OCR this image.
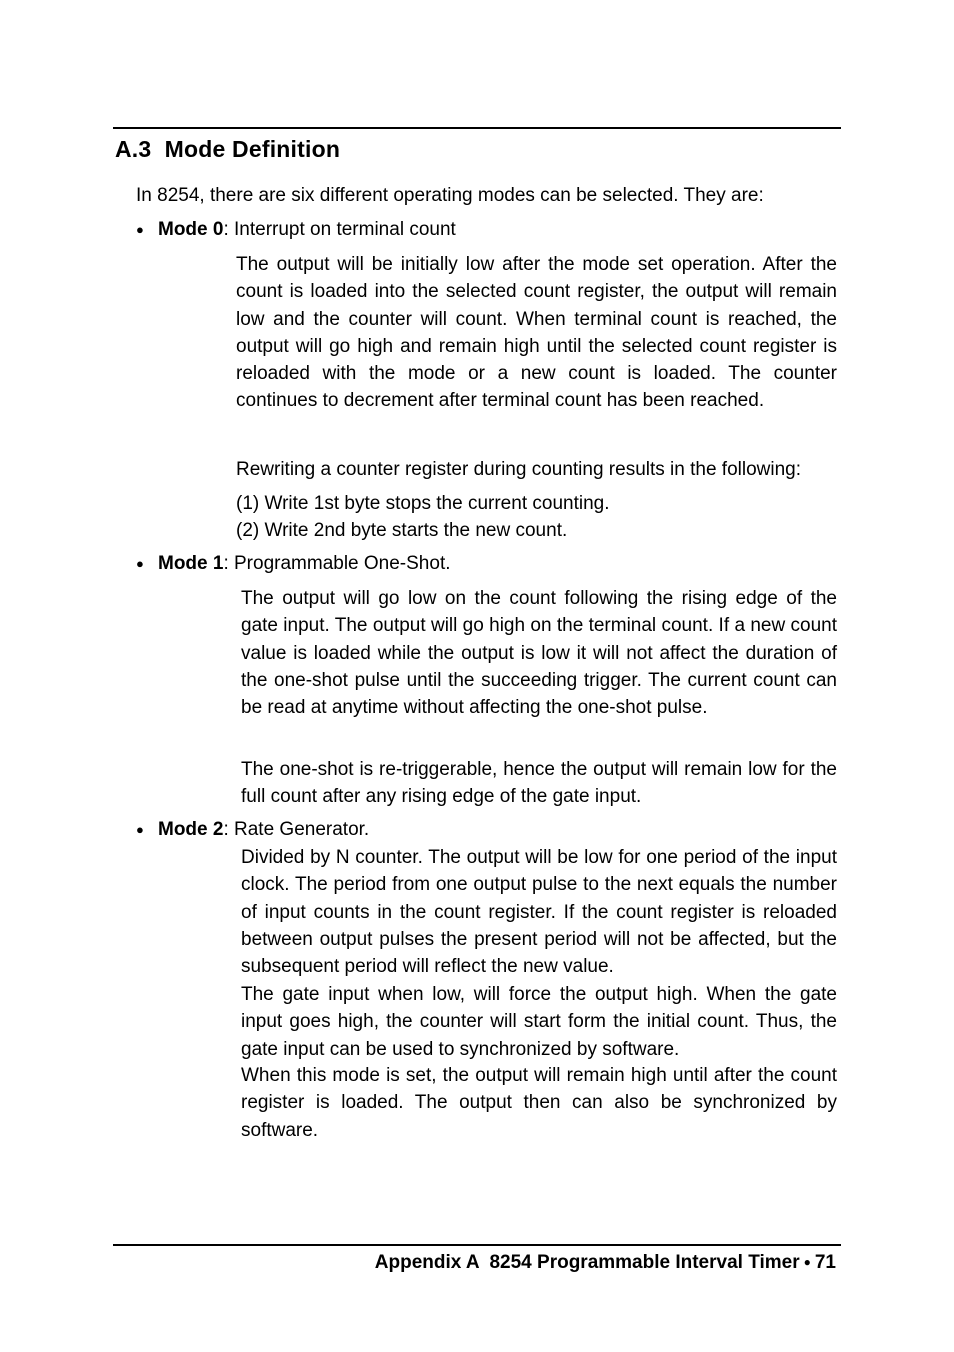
A.3 Mode Definition

In 8254, there are six different operating modes can be selected. They are:

● Mode 0: Interrupt on terminal count

The output will be initially low after the mode set operation. After the count is loaded into the selected count register, the output will remain low and the counter will count. When terminal count is reached, the output will go high and remain high until the selected count register is reloaded with the mode or a new count is loaded. The counter continues to decrement after terminal count has been reached.

Rewriting a counter register during counting results in the following:

(1) Write 1st byte stops the current counting.

(2) Write 2nd byte starts the new count.

● Mode 1: Programmable One-Shot.

The output will go low on the count following the rising edge of the gate input. The output will go high on the terminal count. If a new count value is loaded while the output is low it will not affect the duration of the one-shot pulse until the succeeding trigger. The current count can be read at anytime without affecting the one-shot pulse.

The one-shot is re-triggerable, hence the output will remain low for the full count after any rising edge of the gate input.

● Mode 2: Rate Generator.

Divided by N counter. The output will be low for one period of the input clock. The period from one output pulse to the next equals the number of input counts in the count register. If the count register is reloaded between output pulses the present period will not be affected, but the subsequent period will reflect the new value.

The gate input when low, will force the output high. When the gate input goes high, the counter will start form the initial count. Thus, the gate input can be used to synchronized by software.

When this mode is set, the output will remain high until after the count register is loaded. The output then can also be synchronized by software.

Appendix A  8254 Programmable Interval Timer ● 71
